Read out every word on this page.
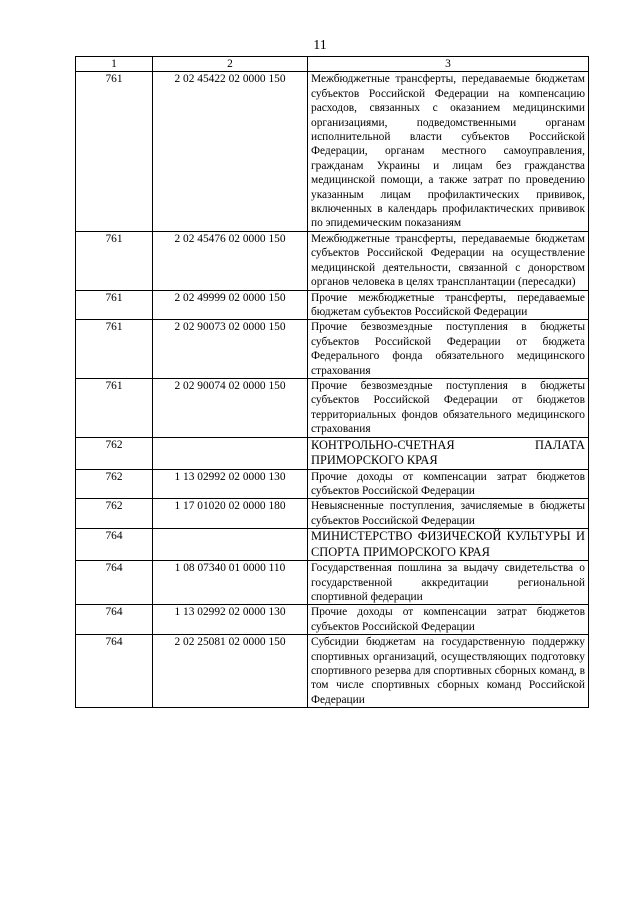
11
1	2	3
761	2 02 45422 02 0000 150	Межбюджетные трансферты, передаваемые бюджетам субъектов Российской Федерации на компенсацию расходов, связанных с оказанием медицинскими организациями, подведомственными органам исполнительной власти субъектов Российской Федерации, органам местного самоуправления, гражданам Украины и лицам без гражданства медицинской помощи, а также затрат по проведению указанным лицам профилактических прививок, включенных в календарь профилактических прививок по эпидемическим показаниям
761	2 02 45476 02 0000 150	Межбюджетные трансферты, передаваемые бюджетам субъектов Российской Федерации на осуществление медицинской деятельности, связанной с донорством органов человека в целях трансплантации (пересадки)
761	2 02 49999 02 0000 150	Прочие межбюджетные трансферты, передаваемые бюджетам субъектов Российской Федерации
761	2 02 90073 02 0000 150	Прочие безвозмездные поступления в бюджеты субъектов Российской Федерации от бюджета Федерального фонда обязательного медицинского страхования
761	2 02 90074 02 0000 150	Прочие безвозмездные поступления в бюджеты субъектов Российской Федерации от бюджетов территориальных фондов обязательного медицинского страхования
762		КОНТРОЛЬНО-СЧЕТНАЯ ПАЛАТА ПРИМОРСКОГО КРАЯ
762	1 13 02992 02 0000 130	Прочие доходы от компенсации затрат бюджетов субъектов Российской Федерации
762	1 17 01020 02 0000 180	Невыясненные поступления, зачисляемые в бюджеты субъектов Российской Федерации
764		МИНИСТЕРСТВО ФИЗИЧЕСКОЙ КУЛЬТУРЫ И СПОРТА ПРИМОРСКОГО КРАЯ
764	1 08 07340 01 0000 110	Государственная пошлина за выдачу свидетельства о государственной аккредитации региональной спортивной федерации
764	1 13 02992 02 0000 130	Прочие доходы от компенсации затрат бюджетов субъектов Российской Федерации
764	2 02 25081 02 0000 150	Субсидии бюджетам на государственную поддержку спортивных организаций, осуществляющих подготовку спортивного резерва для спортивных сборных команд, в том числе спортивных сборных команд Российской Федерации
